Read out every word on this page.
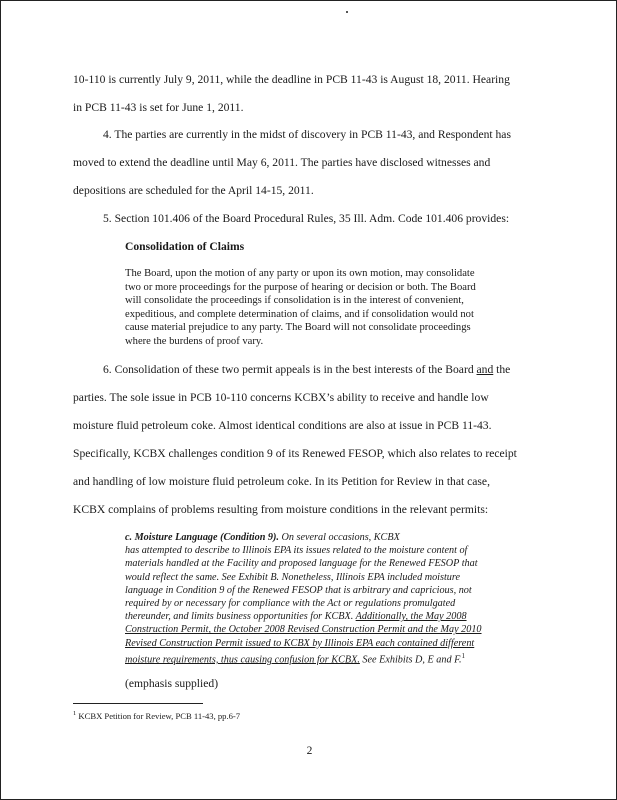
10-110 is currently July 9, 2011, while the deadline in PCB 11-43 is August 18, 2011. Hearing
in PCB 11-43 is set for June 1, 2011.
4. The parties are currently in the midst of discovery in PCB 11-43, and Respondent has
moved to extend the deadline until May 6, 2011. The parties have disclosed witnesses and
depositions are scheduled for the April 14-15, 2011.
5. Section 101.406 of the Board Procedural Rules, 35 Ill. Adm. Code 101.406 provides:
Consolidation of Claims
The Board, upon the motion of any party or upon its own motion, may consolidate
two or more proceedings for the purpose of hearing or decision or both. The Board
will consolidate the proceedings if consolidation is in the interest of convenient,
expeditious, and complete determination of claims, and if consolidation would not
cause material prejudice to any party. The Board will not consolidate proceedings
where the burdens of proof vary.
6. Consolidation of these two permit appeals is in the best interests of the Board and the
parties. The sole issue in PCB 10-110 concerns KCBX’s ability to receive and handle low
moisture fluid petroleum coke. Almost identical conditions are also at issue in PCB 11-43.
Specifically, KCBX challenges condition 9 of its Renewed FESOP, which also relates to receipt
and handling of low moisture fluid petroleum coke. In its Petition for Review in that case,
KCBX complains of problems resulting from moisture conditions in the relevant permits:
c. Moisture Language (Condition 9). On several occasions, KCBX
has attempted to describe to Illinois EPA its issues related to the moisture content of
materials handled at the Facility and proposed language for the Renewed FESOP that
would reflect the same. See Exhibit B. Nonetheless, Illinois EPA included moisture
language in Condition 9 of the Renewed FESOP that is arbitrary and capricious, not
required by or necessary for compliance with the Act or regulations promulgated
thereunder, and limits business opportunities for KCBX. Additionally, the May 2008
Construction Permit, the October 2008 Revised Construction Permit and the May 2010
Revised Construction Permit issued to KCBX by Illinois EPA each contained different
moisture requirements, thus causing confusion for KCBX. See Exhibits D, E and F.$^1$
(emphasis supplied)
$^1$ KCBX Petition for Review, PCB 11-43, pp.6-7
2
